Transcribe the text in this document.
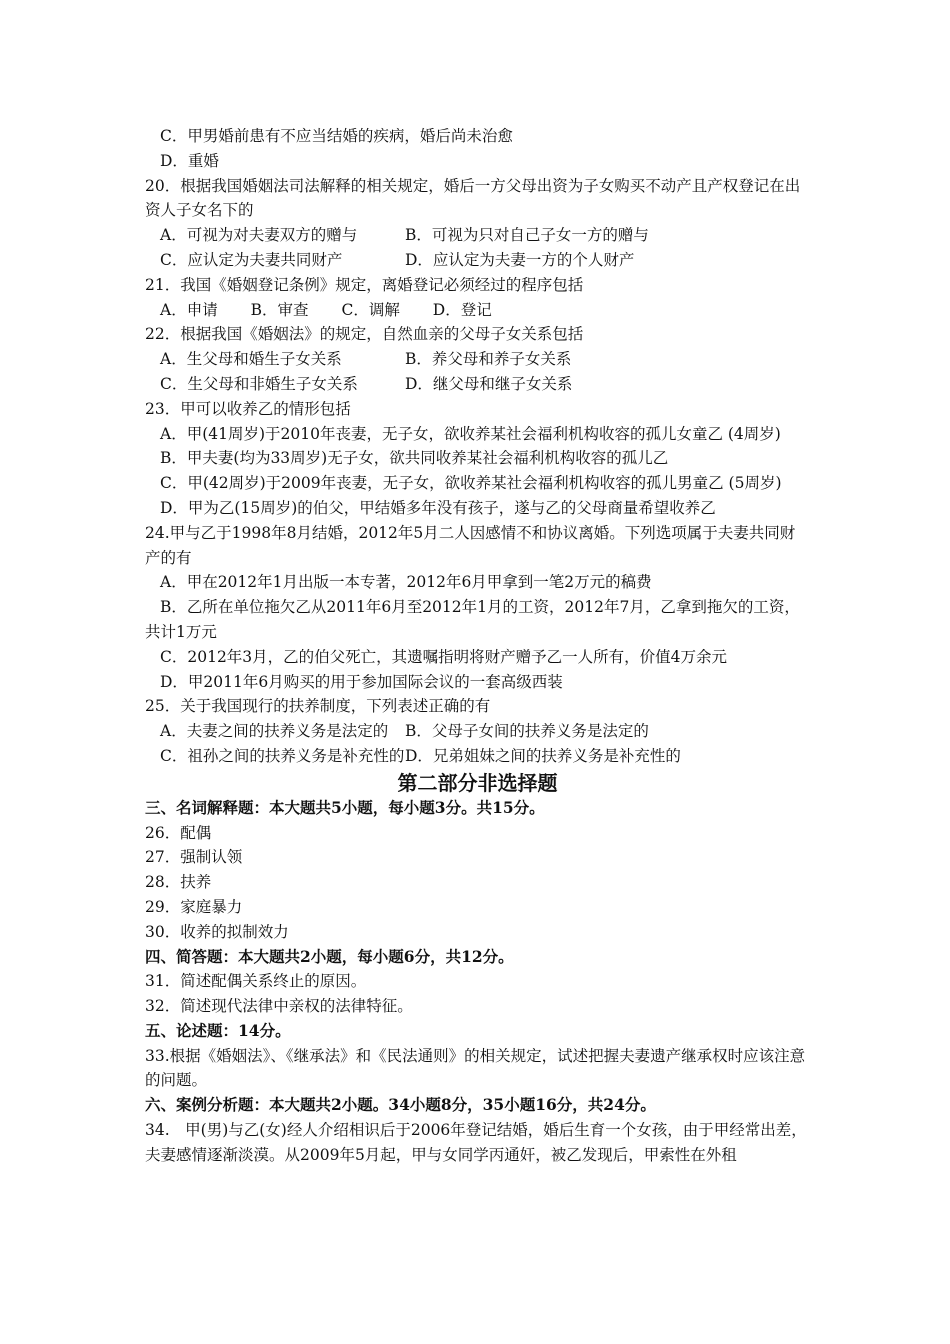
C．甲男婚前患有不应当结婚的疾病，婚后尚未治愈
D．重婚
20．根据我国婚姻法司法解释的相关规定，婚后一方父母出资为子女购买不动产且产权登记在出资人子女名下的
A．可视为对夫妻双方的赠与	B．可视为只对自己子女一方的赠与
C．应认定为夫妻共同财产	D．应认定为夫妻一方的个人财产
21．我国《婚姻登记条例》规定，离婚登记必须经过的程序包括
A．申请 B．审查 C．调解 D．登记
22．根据我国《婚姻法》的规定，自然血亲的父母子女关系包括
A．生父母和婚生子女关系	B．养父母和养子女关系
C．生父母和非婚生子女关系	D．继父母和继子女关系
23．甲可以收养乙的情形包括
A．甲(41周岁)于2010年丧妻，无子女，欲收养某社会福利机构收容的孤儿女童乙 (4周岁)
B．甲夫妻(均为33周岁)无子女，欲共同收养某社会福利机构收容的孤儿乙
C．甲(42周岁)于2009年丧妻，无子女，欲收养某社会福利机构收容的孤儿男童乙 (5周岁)
D．甲为乙(15周岁)的伯父，甲结婚多年没有孩子，遂与乙的父母商量希望收养乙
24.甲与乙于1998年8月结婚，2012年5月二人因感情不和协议离婚。下列选项属于夫妻共同财产的有
A．甲在2012年1月出版一本专著，2012年6月甲拿到一笔2万元的稿费
B．乙所在单位拖欠乙从2011年6月至2012年1月的工资，2012年7月，乙拿到拖欠的工资，共计1万元
C．2012年3月，乙的伯父死亡，其遗嘱指明将财产赠予乙一人所有，价值4万余元
D．甲2011年6月购买的用于参加国际会议的一套高级西装
25．关于我国现行的扶养制度，下列表述正确的有
A．夫妻之间的扶养义务是法定的	B．父母子女间的扶养义务是法定的
C．祖孙之间的扶养义务是补充性的 D．兄弟姐妹之间的扶养义务是补充性的
第二部分非选择题
三、名词解释题：本大题共5小题，每小题3分。共15分。
26．配偶
27．强制认领
28．扶养
29．家庭暴力
30．收养的拟制效力
四、简答题：本大题共2小题，每小题6分，共12分。
31．简述配偶关系终止的原因。
32．简述现代法律中亲权的法律特征。
五、论述题：14分。
33.根据《婚姻法》、《继承法》和《民法通则》的相关规定，试述把握夫妻遗产继承权时应该注意的问题。
六、案例分析题：本大题共2小题。34小题8分，35小题16分，共24分。
34.　甲(男)与乙(女)经人介绍相识后于2006年登记结婚，婚后生育一个女孩，由于甲经常出差，夫妻感情逐渐淡漠。从2009年5月起，甲与女同学丙通奸，被乙发现后，甲索性在外租
